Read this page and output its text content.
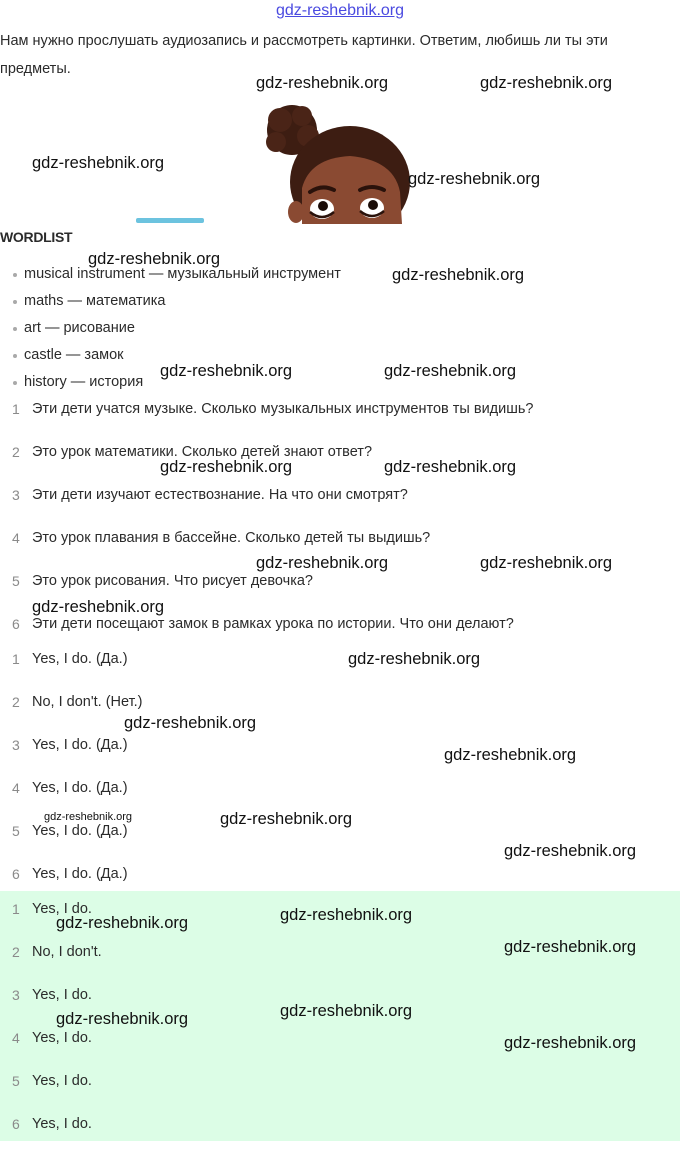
gdz-reshebnik.org
Нам нужно прослушать аудиозапись и рассмотреть картинки. Ответим, любишь ли ты эти предметы.
WORDLIST
musical instrument — музыкальный инструмент
maths — математика
art — рисование
castle — замок
history — история
1 Эти дети учатся музыке. Сколько музыкальных инструментов ты видишь?
2 Это урок математики. Сколько детей знают ответ?
3 Эти дети изучают естествознание. На что они смотрят?
4 Это урок плавания в бассейне. Сколько детей ты выдишь?
5 Это урок рисования. Что рисует девочка?
6 Эти дети посещают замок в рамках урока по истории. Что они делают?
1 Yes, I do. (Да.)
2 No, I don't. (Нет.)
3 Yes, I do. (Да.)
4 Yes, I do. (Да.)
5 Yes, I do. (Да.)
6 Yes, I do. (Да.)
1 Yes, I do.
2 No, I don't.
3 Yes, I do.
4 Yes, I do.
5 Yes, I do.
6 Yes, I do.
gdz-reshebnik.org	gdz-reshebnik.org
gdz-reshebnik.org
gdz-reshebnik.org
gdz-reshebnik.org
gdz-reshebnik.org
gdz-reshebnik.org	gdz-reshebnik.org
gdz-reshebnik.org	gdz-reshebnik.org
gdz-reshebnik.org	gdz-reshebnik.org
gdz-reshebnik.org
gdz-reshebnik.org
gdz-reshebnik.org
gdz-reshebnik.org
gdz-reshebnik.org	gdz-reshebnik.org
gdz-reshebnik.org
gdz-reshebnik.org	gdz-reshebnik.org
gdz-reshebnik.org
gdz-reshebnik.org	gdz-reshebnik.org
gdz-reshebnik.org
